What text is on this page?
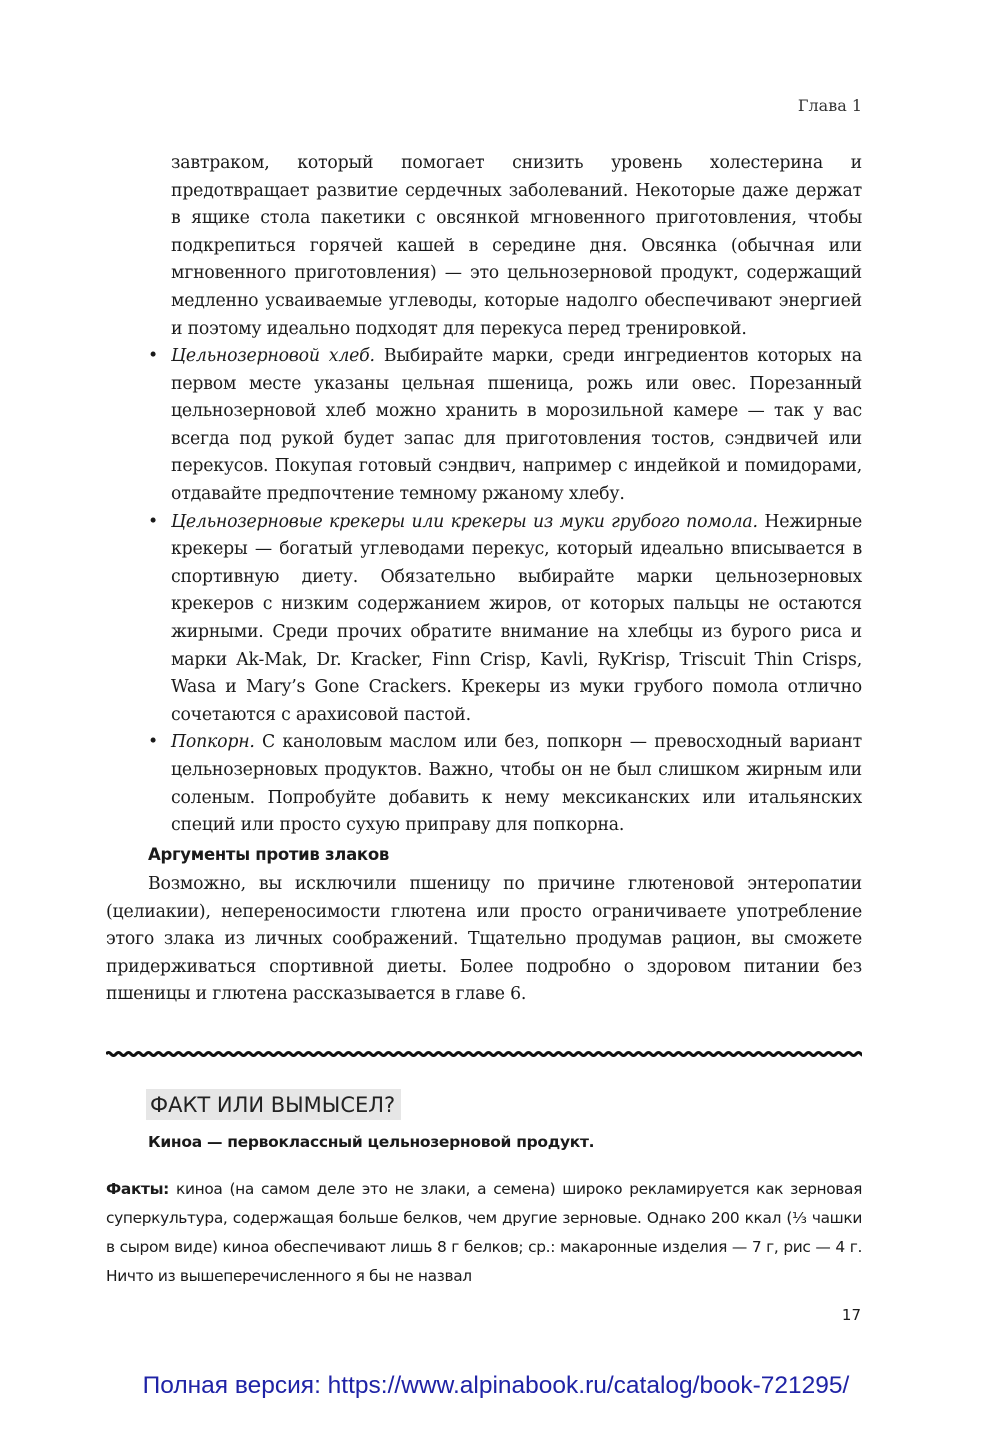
Глава 1

завтраком, который помогает снизить уровень холестерина и предотвращает развитие сердечных заболеваний. Некоторые даже держат в ящике стола пакетики с овсянкой мгновенного приготовления, чтобы подкрепиться горячей кашей в середине дня. Овсянка (обычная или мгновенного приготовления) — это цельнозерновой продукт, содержащий медленно усваиваемые углеводы, которые надолго обеспечивают энергией и поэтому идеально подходят для перекуса перед тренировкой.

• Цельнозерновой хлеб. Выбирайте марки, среди ингредиентов которых на первом месте указаны цельная пшеница, рожь или овес. Порезанный цельнозерновой хлеб можно хранить в морозильной камере — так у вас всегда под рукой будет запас для приготовления тостов, сэндвичей или перекусов. Покупая готовый сэндвич, например с индейкой и помидорами, отдавайте предпочтение темному ржаному хлебу.
• Цельнозерновые крекеры или крекеры из муки грубого помола. Нежирные крекеры — богатый углеводами перекус, который идеально вписывается в спортивную диету. Обязательно выбирайте марки цельнозерновых крекеров с низким содержанием жиров, от которых пальцы не остаются жирными. Среди прочих обратите внимание на хлебцы из бурого риса и марки Ak-Mak, Dr. Kracker, Finn Crisp, Kavli, RyKrisp, Triscuit Thin Crisps, Wasa и Mary’s Gone Crackers. Крекеры из муки грубого помола отлично сочетаются с арахисовой пастой.
• Попкорн. С каноловым маслом или без, попкорн — превосходный вариант цельнозерновых продуктов. Важно, чтобы он не был слишком жирным или соленым. Попробуйте добавить к нему мексиканских или итальянских специй или просто сухую приправу для попкорна.
Аргументы против злаков

Возможно, вы исключили пшеницу по причине глютеновой энтеропатии (целиакии), непереносимости глютена или просто ограничиваете употребление этого злака из личных соображений. Тщательно продумав рацион, вы сможете придерживаться спортивной диеты. Более подробно о здоровом питании без пшеницы и глютена рассказывается в главе 6.

ФАКТ ИЛИ ВЫМЫСЕЛ?
Киноа — первоклассный цельнозерновой продукт.

Факты: киноа (на самом деле это не злаки, а семена) широко рекламируется как зерновая суперкультура, содержащая больше белков, чем другие зерновые. Однако 200 ккал (⅓ чашки в сыром виде) киноа обеспечивают лишь 8 г белков; ср.: макаронные изделия — 7 г, рис — 4 г. Ничто из вышеперечисленного я бы не назвал

17
Полная версия: https://www.alpinabook.ru/catalog/book-721295/
